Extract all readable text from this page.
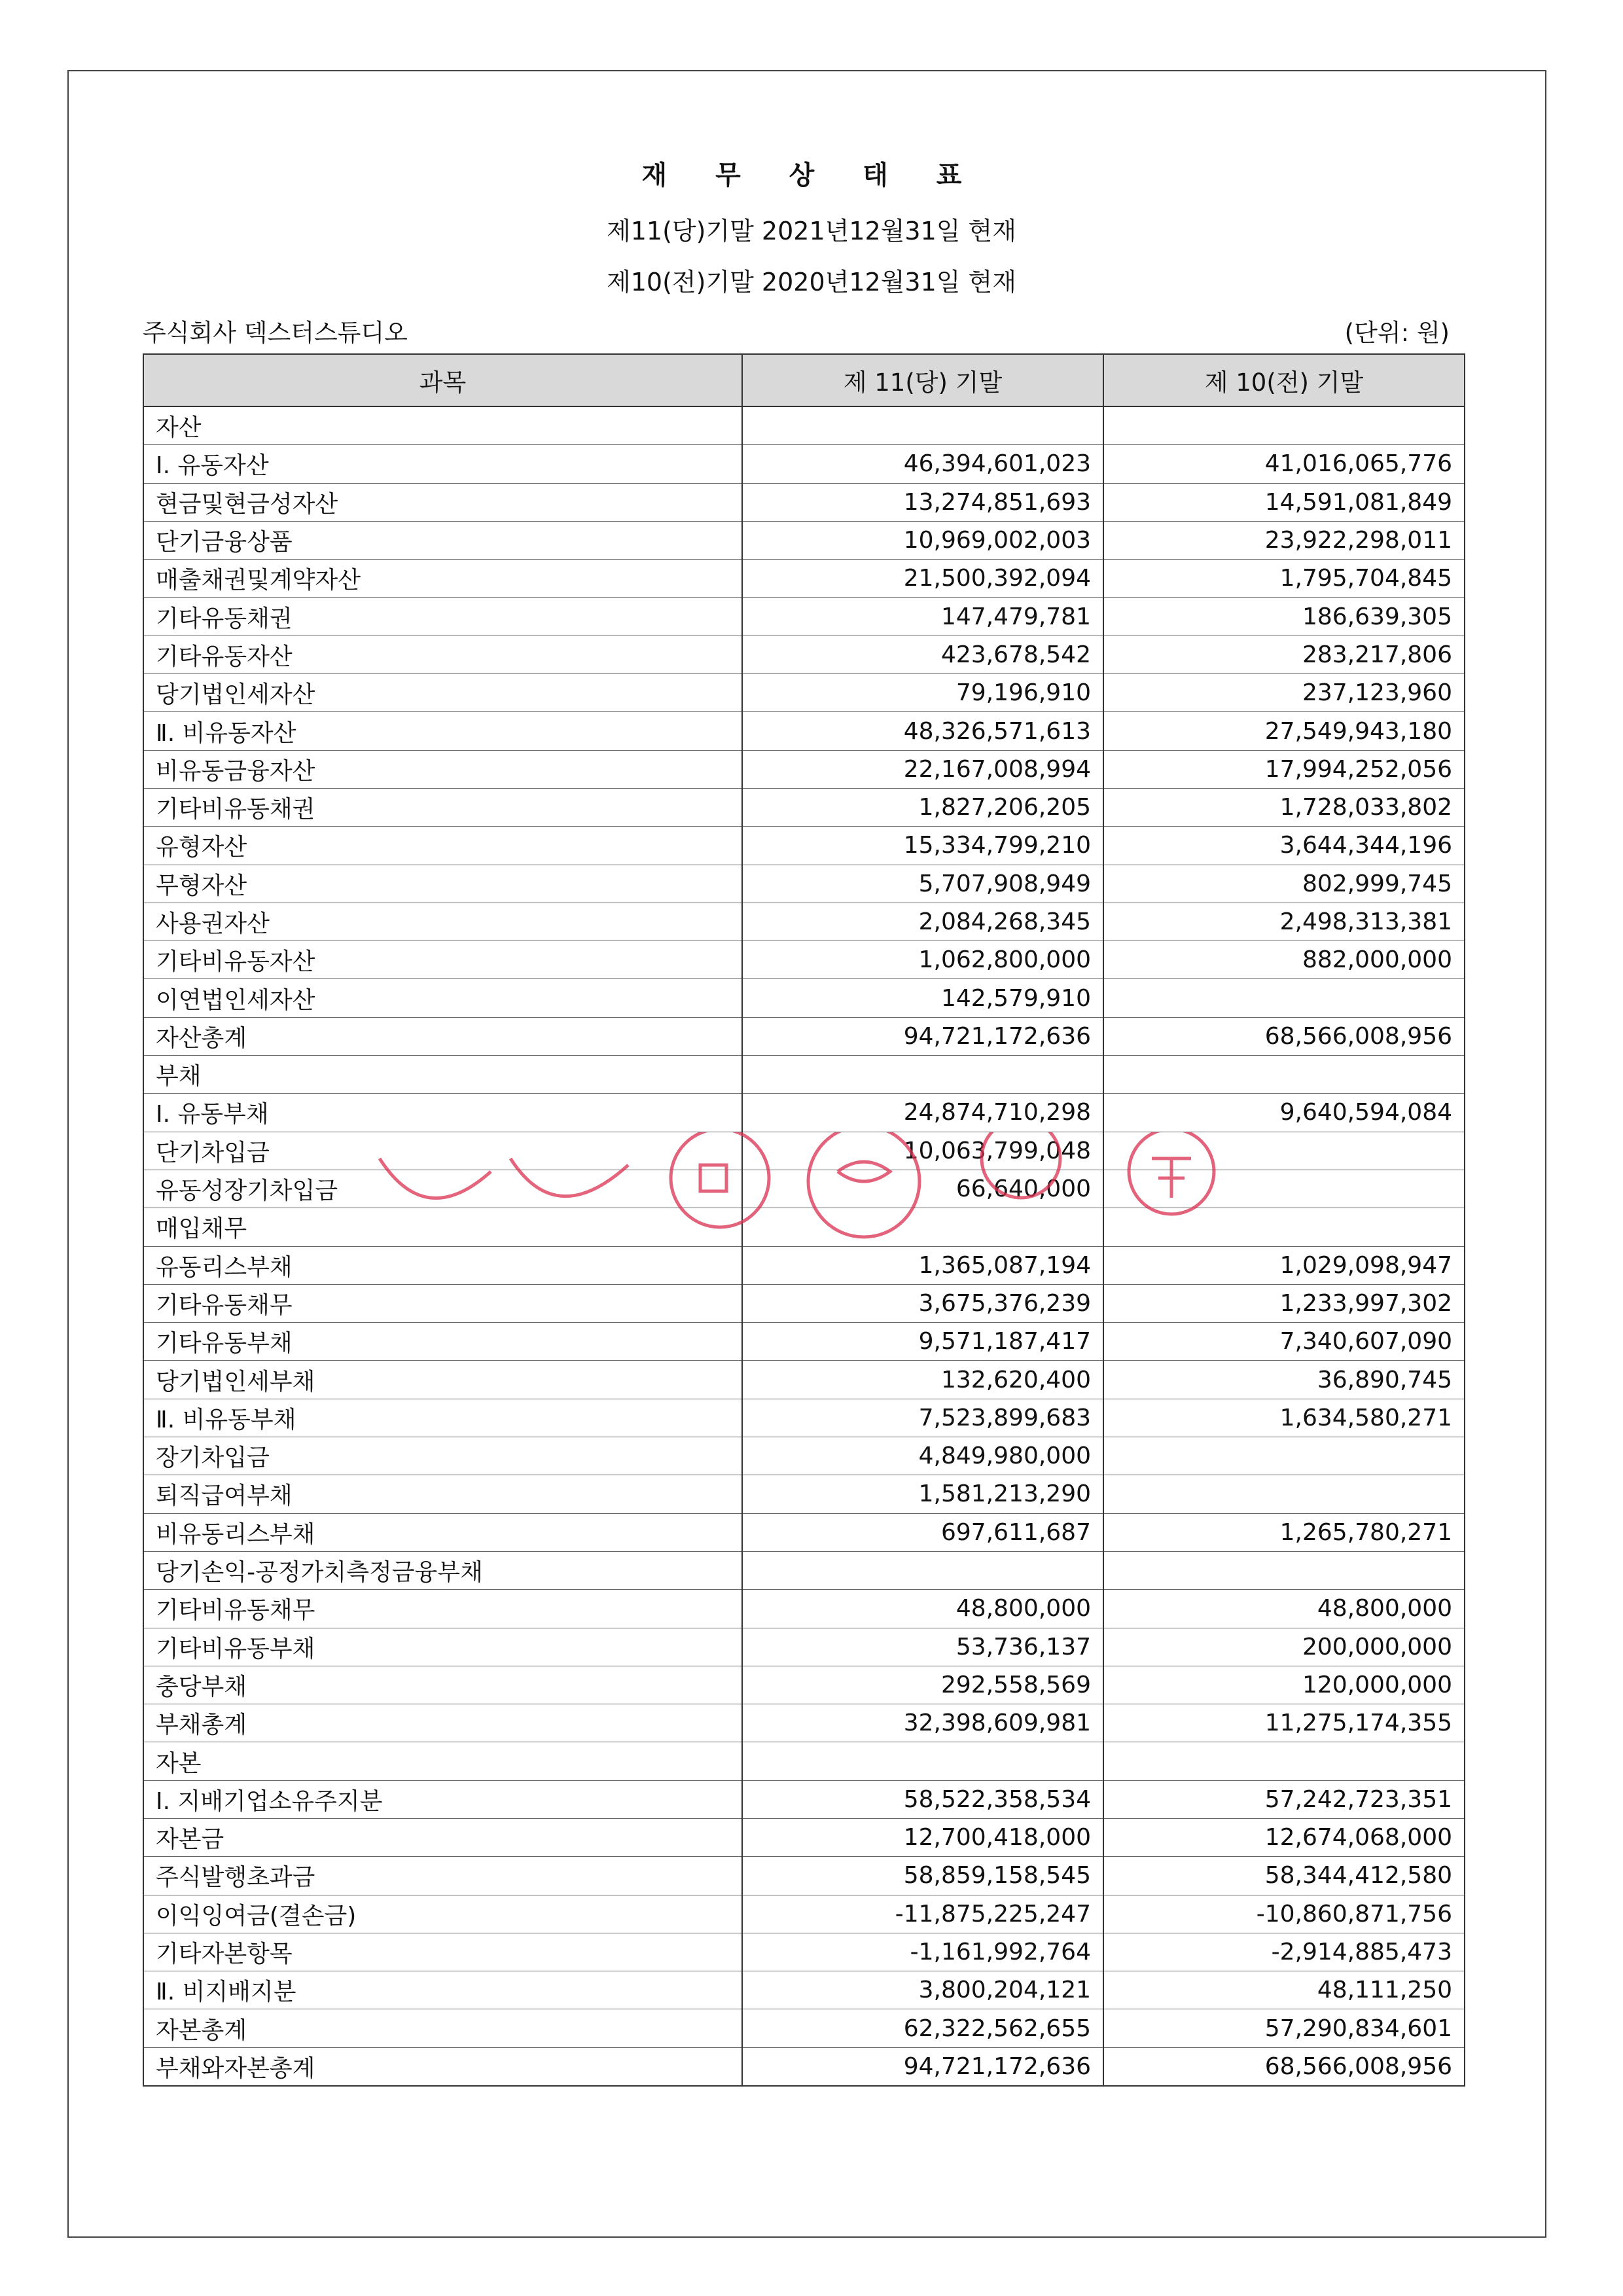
재 무 상 태 표
제11(당)기말 2021년12월31일 현재
제10(전)기말 2020년12월31일 현재
주식회사 덱스터스튜디오	(단위: 원)
과목	제 11(당) 기말	제 10(전) 기말
자산		
Ⅰ. 유동자산	46,394,601,023	41,016,065,776
현금및현금성자산	13,274,851,693	14,591,081,849
단기금융상품	10,969,002,003	23,922,298,011
매출채권및계약자산	21,500,392,094	1,795,704,845
기타유동채권	147,479,781	186,639,305
기타유동자산	423,678,542	283,217,806
당기법인세자산	79,196,910	237,123,960
Ⅱ. 비유동자산	48,326,571,613	27,549,943,180
비유동금융자산	22,167,008,994	17,994,252,056
기타비유동채권	1,827,206,205	1,728,033,802
유형자산	15,334,799,210	3,644,344,196
무형자산	5,707,908,949	802,999,745
사용권자산	2,084,268,345	2,498,313,381
기타비유동자산	1,062,800,000	882,000,000
이연법인세자산	142,579,910	
자산총계	94,721,172,636	68,566,008,956
부채		
Ⅰ. 유동부채	24,874,710,298	9,640,594,084
단기차입금	10,063,799,048	
유동성장기차입금	66,640,000	
매입채무		
유동리스부채	1,365,087,194	1,029,098,947
기타유동채무	3,675,376,239	1,233,997,302
기타유동부채	9,571,187,417	7,340,607,090
당기법인세부채	132,620,400	36,890,745
Ⅱ. 비유동부채	7,523,899,683	1,634,580,271
장기차입금	4,849,980,000	
퇴직급여부채	1,581,213,290	
비유동리스부채	697,611,687	1,265,780,271
당기손익-공정가치측정금융부채		
기타비유동채무	48,800,000	48,800,000
기타비유동부채	53,736,137	200,000,000
충당부채	292,558,569	120,000,000
부채총계	32,398,609,981	11,275,174,355
자본		
Ⅰ. 지배기업소유주지분	58,522,358,534	57,242,723,351
자본금	12,700,418,000	12,674,068,000
주식발행초과금	58,859,158,545	58,344,412,580
이익잉여금(결손금)	-11,875,225,247	-10,860,871,756
기타자본항목	-1,161,992,764	-2,914,885,473
Ⅱ. 비지배지분	3,800,204,121	48,111,250
자본총계	62,322,562,655	57,290,834,601
부채와자본총계	94,721,172,636	68,566,008,956
